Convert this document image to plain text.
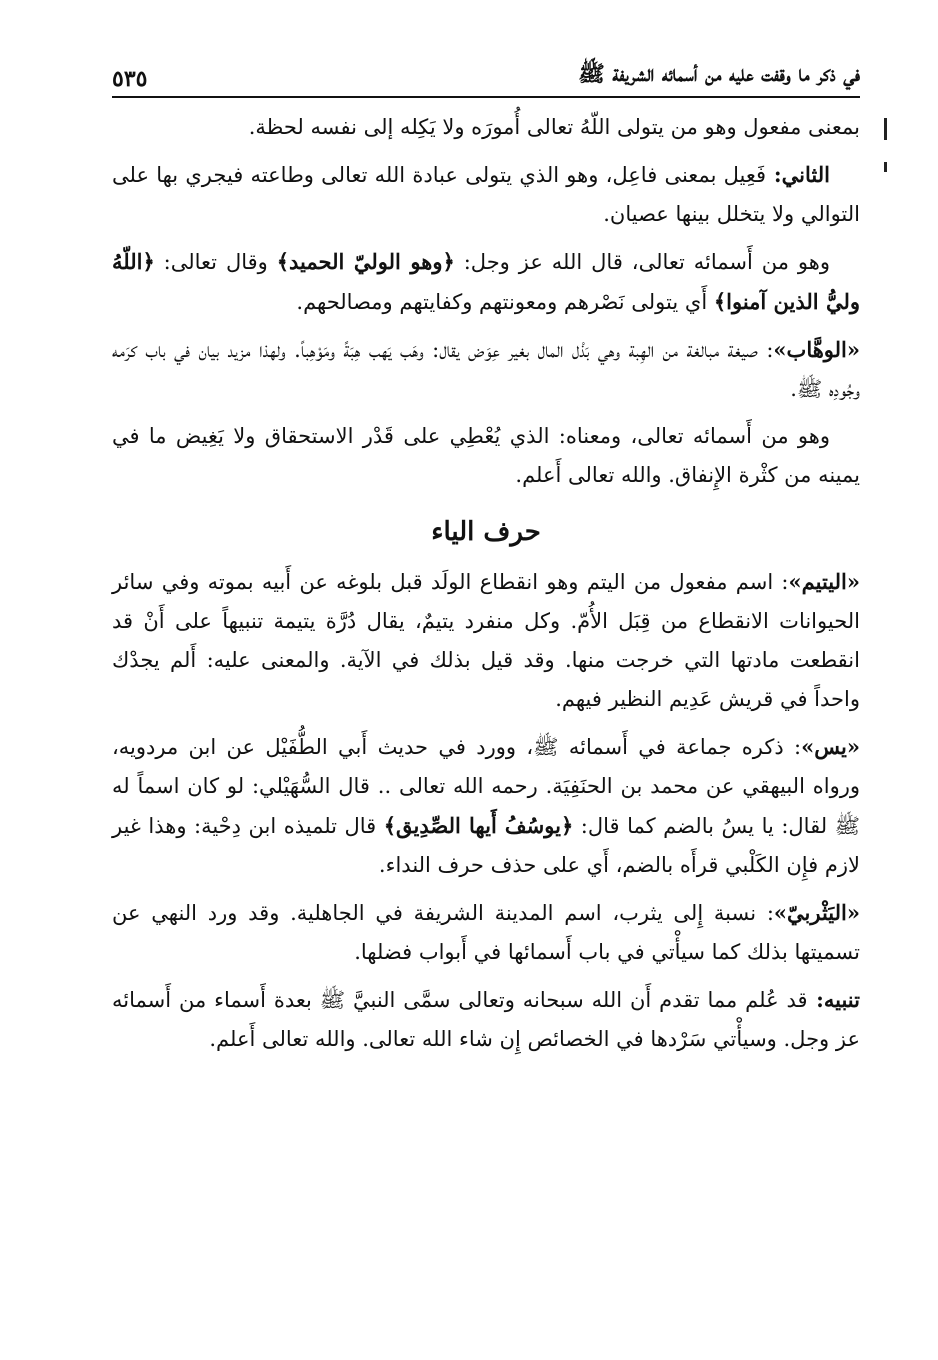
في ذكر ما وقفت عليه من أسمائه الشريفة ﷺ
٥٣٥

بمعنى مفعول وهو من يتولى اللّهُ تعالى أُمورَه ولا يَكِله إلى نفسه لحظة.

الثاني: فَعِيل بمعنى فاعِل، وهو الذي يتولى عبادة الله تعالى وطاعته فيجري بها على التوالي ولا يتخلل بينها عصيان.

وهو من أَسمائه تعالى، قال الله عز وجل: ﴿وهو الوليّ الحميد﴾ وقال تعالى: ﴿اللّهُ وليُّ الذين آمنوا﴾ أَي يتولى نَصْرهم ومعونتهم وكفايتهم ومصالحهم.

«الوهَّاب»: صيغة مبالغة من الهِبة وهي بَذْل المال بغير عِوَض يقال: وهَب يَهب هِبَةً ومَوْهِباً. ولهذا مزيد بيان في باب كرَمه وجُودِه ﷺ.

وهو من أَسمائه تعالى، ومعناه: الذي يُعْطِي على قَدْر الاستحقاق ولا يَغِيض ما في يمينه من كثْرة الإِنفاق. والله تعالى أَعلم.

حرف الياء

«اليتيم»: اسم مفعول من اليتم وهو انقطاع الولَد قبل بلوغه عن أَبيه بموته وفي سائر الحيوانات الانقطاع من قِبَل الأُمّ. وكل منفرد يتيمٌ، يقال دُرَّة يتيمة تنبيهاً على أَنْ قد انقطعت مادتها التي خرجت منها. وقد قيل بذلك في الآية. والمعنى عليه: أَلم يجدْك واحداً في قريش عَدِيم النظير فيهم.

«يس»: ذكره جماعة في أَسمائه ﷺ، وورد في حديث أَبي الطُّفَيْل عن ابن مردويه، ورواه البيهقي عن محمد بن الحنَفِيَة. رحمه الله تعالى .. قال السُّهَيْلي: لو كان اسماً له ﷺ لقال: يا يسُ بالضم كما قال: ﴿يوسُفُ أَيها الصِّدِيق﴾ قال تلميذه ابن دِحْية: وهذا غير لازم فإِن الكَلْبي قرأَه بالضم، أَي على حذف حرف النداء.

«اليَثْربيّ»: نسبة إِلى يثرب، اسم المدينة الشريفة في الجاهلية. وقد ورد النهي عن تسميتها بذلك كما سيأْتي في باب أَسمائها في أَبواب فضلها.

تنبيه: قد عُلم مما تقدم أَن الله سبحانه وتعالى سمَّى النبيَّ ﷺ بعدة أَسماء من أَسمائه عز وجل. وسيأْتي سَرْدها في الخصائص إِن شاء الله تعالى. والله تعالى أَعلم.
